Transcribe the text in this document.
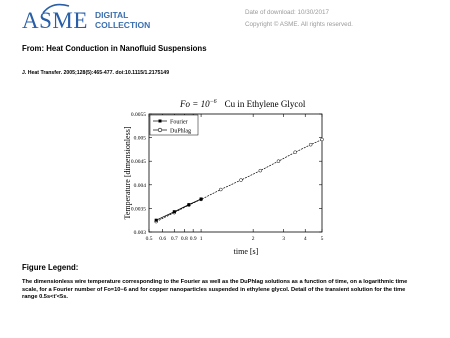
ASME DIGITAL
COLLECTION
Date of download: 10/30/2017
Copyright © ASME. All rights reserved.
From: Heat Conduction in Nanofluid Suspensions
J. Heat Transfer. 2005;128(5):465-477. doi:10.1115/1.2175149
0.003
0.0035
0.004
0.0045
0.005
0.0055
0.5 0.6 0.7 0.8 0.9 1	2	3	4	5
Cu in Ethylene Glycol
$Fo = 10^{-6}$
Fourier
DuPhlag
Temperature [dimensionless]
time [s]
Figure Legend:
The dimensionless wire temperature corresponding to the Fourier as well as the DuPhlag solutions as a function of time, on a logarithmic time scale, for a Fourier number of Fo=10−6 and for copper nanoparticles suspended in ethylene glycol. Detail of the transient solution for the time range 0.5s<t'<5s.
